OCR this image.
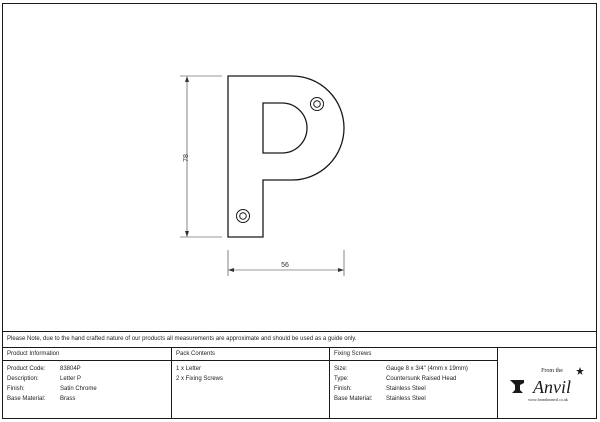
78
56
Please Note, due to the hand crafted nature of our products all measurements are approximate and should be used as a guide only.
Product Information
Product Code: 83804P
Description:	Letter P
Finish:	Satin Chrome
Base Material: Brass
Pack Contents
1 x Letter
2 x Fixing Screws
Fixing Screws
Size:	Gauge 8 x 3/4" (4mm x 19mm)
Type:	Countersunk Raised Head
Finish:	Stainless Steel
Base Material: Stainless Steel
From the
Anvil
www.fromtheanvil.co.uk
